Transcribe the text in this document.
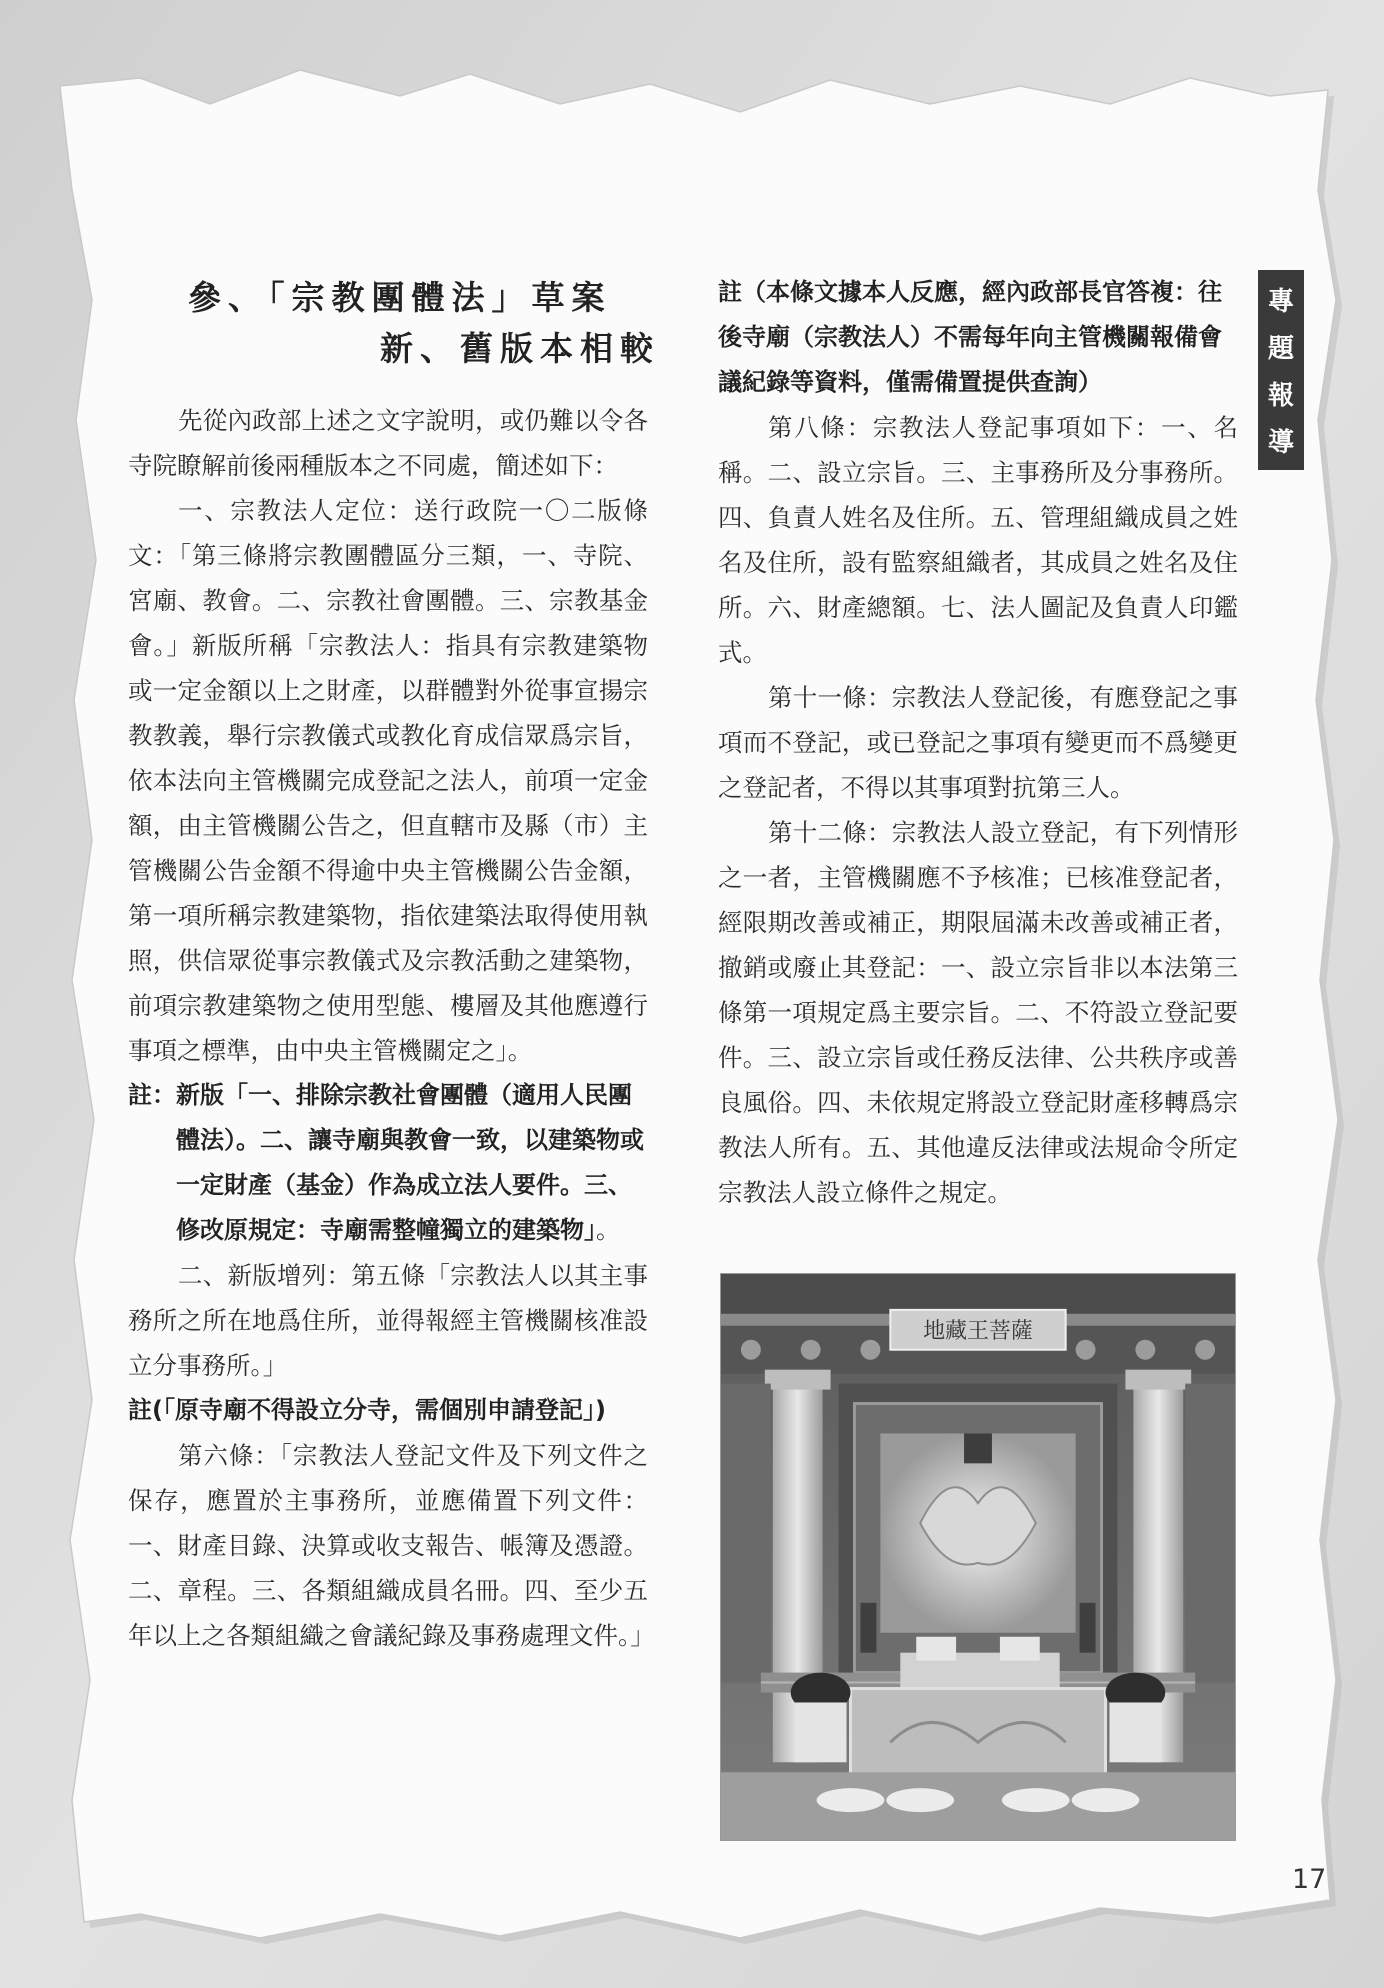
參、「宗教團體法」草案
新、舊版本相較

先從內政部上述之文字說明，或仍難以令各寺院瞭解前後兩種版本之不同處，簡述如下：

一、宗教法人定位：送行政院一〇二版條文：「第三條將宗教團體區分三類，一、寺院、宮廟、教會。二、宗教社會團體。三、宗教基金會。」新版所稱「宗教法人：指具有宗教建築物或一定金額以上之財產，以群體對外從事宣揚宗教教義，舉行宗教儀式或教化育成信眾爲宗旨，依本法向主管機關完成登記之法人，前項一定金額，由主管機關公告之，但直轄市及縣（市）主管機關公告金額不得逾中央主管機關公告金額，第一項所稱宗教建築物，指依建築法取得使用執照，供信眾從事宗教儀式及宗教活動之建築物，前項宗教建築物之使用型態、樓層及其他應遵行事項之標準，由中央主管機關定之」。

註： 新版「一、排除宗教社會團體（適用人民團體法）。二、讓寺廟與教會一致，以建築物或一定財產（基金）作為成立法人要件。三、修改原規定：寺廟需整幢獨立的建築物」。

二、新版增列：第五條「宗教法人以其主事務所之所在地爲住所，並得報經主管機關核准設立分事務所。」

註(「原寺廟不得設立分寺，需個別申請登記」)

第六條：「宗教法人登記文件及下列文件之保存，應置於主事務所，並應備置下列文件：一、財產目錄、決算或收支報告、帳簿及憑證。二、章程。三、各類組織成員名冊。四、至少五年以上之各類組織之會議紀錄及事務處理文件。」

註（本條文據本人反應，經內政部長官答複：往後寺廟（宗教法人）不需每年向主管機關報備會議紀錄等資料，僅需備置提供查詢）

第八條：宗教法人登記事項如下：一、名稱。二、設立宗旨。三、主事務所及分事務所。四、負責人姓名及住所。五、管理組織成員之姓名及住所，設有監察組織者，其成員之姓名及住所。六、財產總額。七、法人圖記及負責人印鑑式。

第十一條：宗教法人登記後，有應登記之事項而不登記，或已登記之事項有變更而不爲變更之登記者，不得以其事項對抗第三人。

第十二條：宗教法人設立登記，有下列情形之一者，主管機關應不予核准；已核准登記者，經限期改善或補正，期限屆滿未改善或補正者，撤銷或廢止其登記：一、設立宗旨非以本法第三條第一項規定爲主要宗旨。二、不符設立登記要件。三、設立宗旨或任務反法律、公共秩序或善良風俗。四、未依規定將設立登記財產移轉爲宗教法人所有。五、其他違反法律或法規命令所定宗教法人設立條件之規定。

專
題
報
導
地藏王菩薩
17
